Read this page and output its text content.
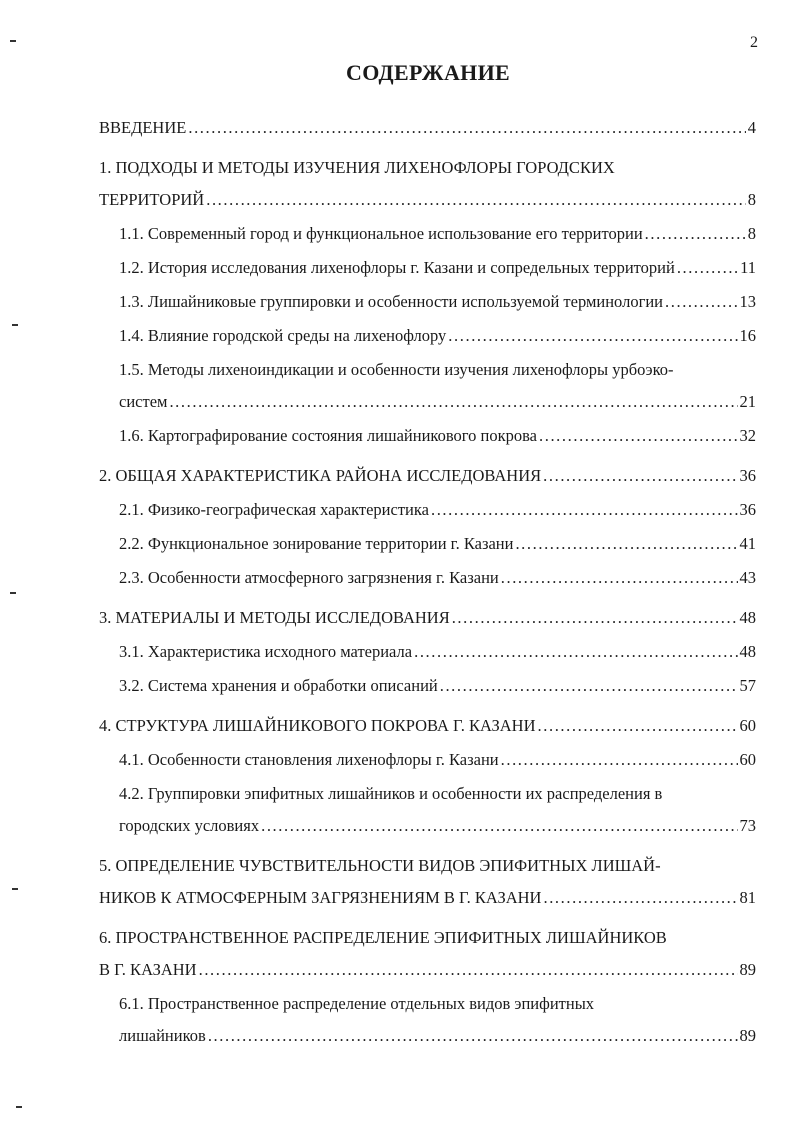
2
СОДЕРЖАНИЕ
ВВЕДЕНИЕ .....	4
1. ПОДХОДЫ И МЕТОДЫ ИЗУЧЕНИЯ ЛИХЕНОФЛОРЫ ГОРОДСКИХ
ТЕРРИТОРИЙ .....	8
1.1. Современный город и функциональное использование его территории .....	8
1.2. История исследования лихенофлоры г. Казани и сопредельных территорий .....	11
1.3. Лишайниковые группировки и особенности используемой терминологии .....	13
1.4. Влияние городской среды на лихенофлору .....	16
1.5. Методы лихеноиндикации и особенности изучения лихенофлоры урбоэко-
систем .....	21
1.6. Картографирование состояния лишайникового покрова .....	32
2. ОБЩАЯ ХАРАКТЕРИСТИКА РАЙОНА ИССЛЕДОВАНИЯ .....	36
2.1. Физико-географическая характеристика .....	36
2.2. Функциональное зонирование территории г. Казани .....	41
2.3. Особенности атмосферного загрязнения г. Казани .....	43
3. МАТЕРИАЛЫ И МЕТОДЫ ИССЛЕДОВАНИЯ .....	48
3.1. Характеристика исходного материала .....	48
3.2. Система хранения и обработки описаний .....	57
4. СТРУКТУРА ЛИШАЙНИКОВОГО ПОКРОВА Г. КАЗАНИ .....	60
4.1. Особенности становления лихенофлоры г. Казани .....	60
4.2. Группировки эпифитных лишайников и особенности их распределения в
городских условиях .....	73
5. ОПРЕДЕЛЕНИЕ ЧУВСТВИТЕЛЬНОСТИ ВИДОВ ЭПИФИТНЫХ ЛИШАЙ-
НИКОВ К АТМОСФЕРНЫМ ЗАГРЯЗНЕНИЯМ В Г. КАЗАНИ .....	81
6. ПРОСТРАНСТВЕННОЕ РАСПРЕДЕЛЕНИЕ ЭПИФИТНЫХ ЛИШАЙНИКОВ
В Г. КАЗАНИ .....	89
6.1. Пространственное распределение отдельных видов эпифитных
лишайников .....	89
